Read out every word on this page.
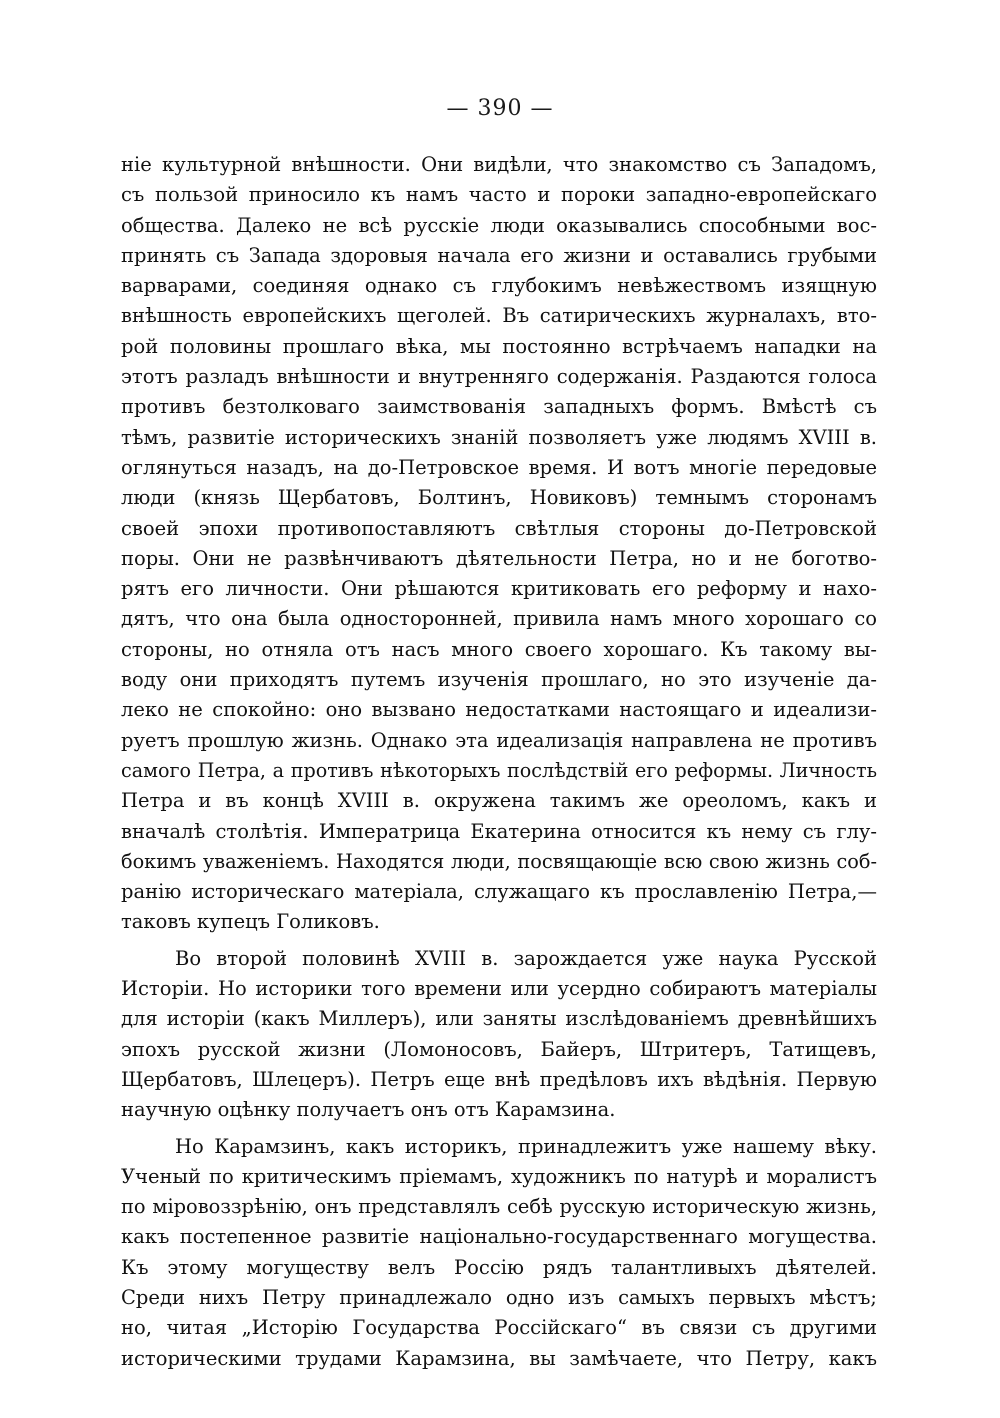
— 390 —
ніе культурной внѣшности. Они видѣли, что знакомство съ Западомъ,
съ пользой приносило къ намъ часто и пороки западно-европейскаго
общества. Далеко не всѣ русскіе люди оказывались способными вос-
принять съ Запада здоровыя начала его жизни и оставались грубыми
варварами, соединяя однако съ глубокимъ невѣжествомъ изящную
внѣшность европейскихъ щеголей. Въ сатирическихъ журналахъ, вто-
рой половины прошлаго вѣка, мы постоянно встрѣчаемъ нападки на
этотъ разладъ внѣшности и внутренняго содержанія. Раздаются голоса
противъ безтолковаго заимствованія западныхъ формъ. Вмѣстѣ съ
тѣмъ, развитіе историческихъ знаній позволяетъ уже людямъ XVIII в.
оглянуться назадъ, на до-Петровское время. И вотъ многіе передовые
люди (князь Щербатовъ, Болтинъ, Новиковъ) темнымъ сторонамъ
своей эпохи противопоставляютъ свѣтлыя стороны до-Петровской
поры. Они не развѣнчиваютъ дѣятельности Петра, но и не боготво-
рятъ его личности. Они рѣшаются критиковать его реформу и нахо-
дятъ, что она была односторонней, привила намъ много хорошаго со
стороны, но отняла отъ насъ много своего хорошаго. Къ такому вы-
воду они приходятъ путемъ изученія прошлаго, но это изученіе да-
леко не спокойно: оно вызвано недостатками настоящаго и идеализи-
руетъ прошлую жизнь. Однако эта идеализація направлена не противъ
самого Петра, а противъ нѣкоторыхъ послѣдствій его реформы. Личность
Петра и въ концѣ XVIII в. окружена такимъ же ореоломъ, какъ и
вначалѣ столѣтія. Императрица Екатерина относится къ нему съ глу-
бокимъ уваженіемъ. Находятся люди, посвящающіе всю свою жизнь соб-
ранію историческаго матеріала, служащаго къ прославленію Петра,—
таковъ купецъ Голиковъ.
Во второй половинѣ XVIII в. зарождается уже наука Русской
Исторіи. Но историки того времени или усердно собираютъ матеріалы
для исторіи (какъ Миллеръ), или заняты изслѣдованіемъ древнѣйшихъ
эпохъ русской жизни (Ломоносовъ, Байеръ, Штритеръ, Татищевъ,
Щербатовъ, Шлецеръ). Петръ еще внѣ предѣловъ ихъ вѣдѣнія. Первую
научную оцѣнку получаетъ онъ отъ Карамзина.
Но Карамзинъ, какъ историкъ, принадлежитъ уже нашему вѣку.
Ученый по критическимъ пріемамъ, художникъ по натурѣ и моралистъ
по міровоззрѣнію, онъ представлялъ себѣ русскую историческую жизнь,
какъ постепенное развитіе національно-государственнаго могущества.
Къ этому могуществу велъ Россію рядъ талантливыхъ дѣятелей.
Среди нихъ Петру принадлежало одно изъ самыхъ первыхъ мѣстъ;
но, читая „Исторію Государства Россійскаго“ въ связи съ другими
историческими трудами Карамзина, вы замѣчаете, что Петру, какъ
